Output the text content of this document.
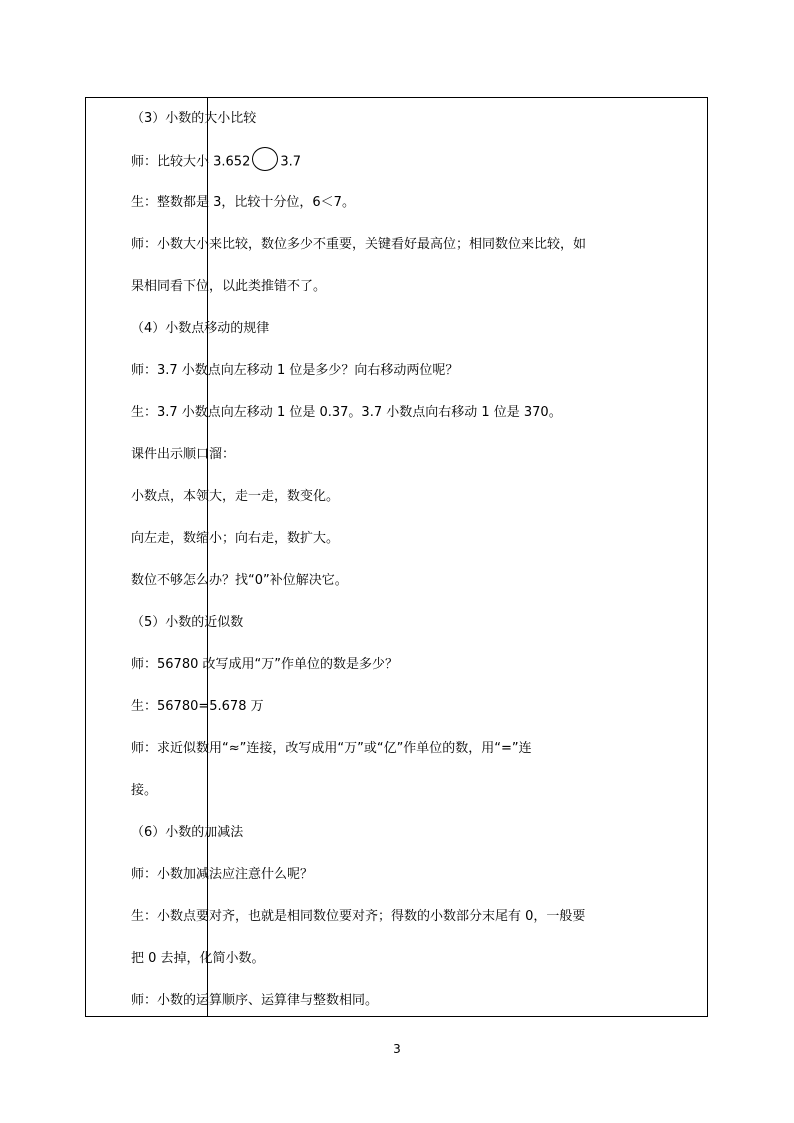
（3）小数的大小比较
师：比较大小 3.652 3.7
生：整数都是 3，比较十分位，6＜7。
师：小数大小来比较，数位多少不重要，关键看好最高位；相同数位来比较，如
果相同看下位，以此类推错不了。
（4）小数点移动的规律
师：3.7 小数点向左移动 1 位是多少？向右移动两位呢？
生：3.7 小数点向左移动 1 位是 0.37。3.7 小数点向右移动 1 位是 370。
课件出示顺口溜：
小数点，本领大，走一走，数变化。
向左走，数缩小；向右走，数扩大。
数位不够怎么办？找“0”补位解决它。
（5）小数的近似数
师：56780 改写成用“万”作单位的数是多少？
生：56780=5.678 万
师：求近似数用“≈”连接，改写成用“万”或“亿”作单位的数，用“=”连
接。
（6）小数的加减法
师：小数加减法应注意什么呢？
生：小数点要对齐，也就是相同数位要对齐；得数的小数部分末尾有 0，一般要
把 0 去掉，化简小数。
师：小数的运算顺序、运算律与整数相同。
3
